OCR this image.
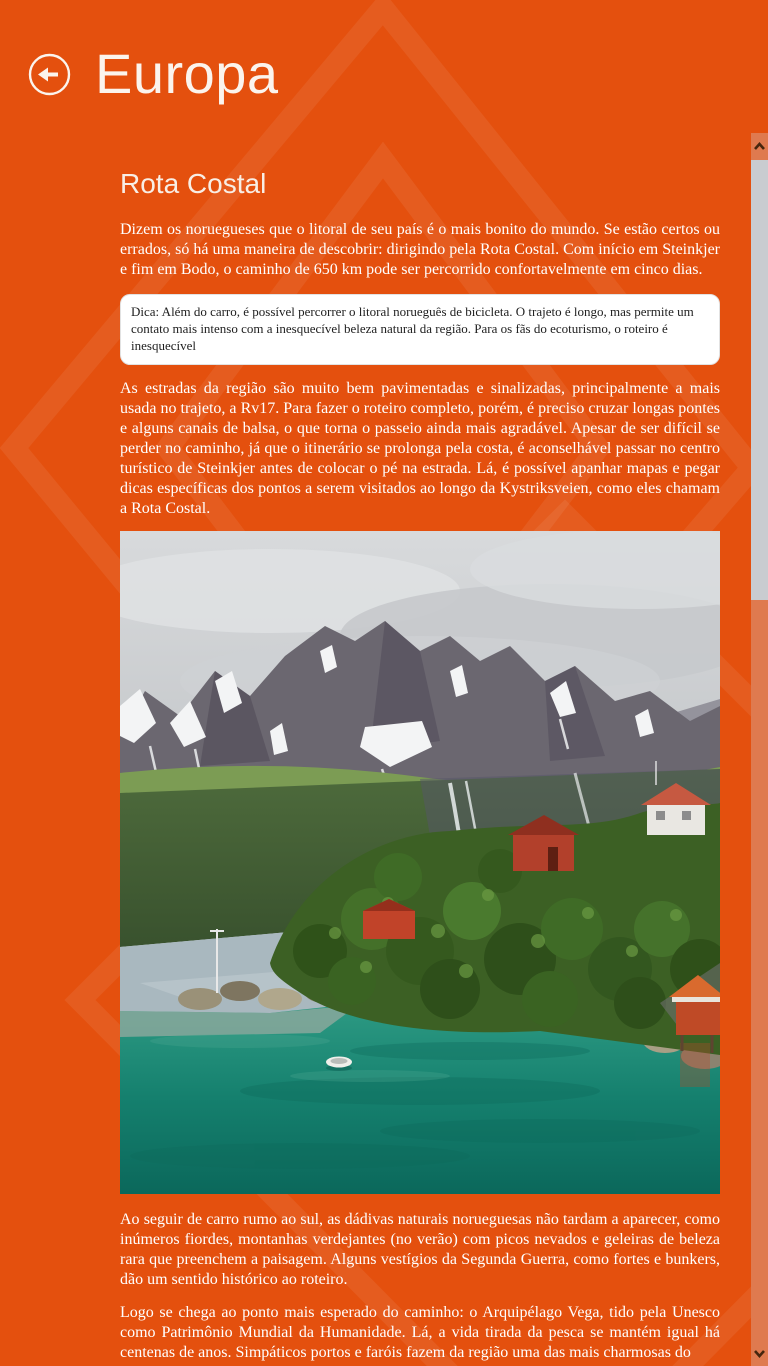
Europa
Rota Costal

Dizem os noruegueses que o litoral de seu país é o mais bonito do mundo. Se estão certos ou errados, só há uma maneira de descobrir: dirigindo pela Rota Costal. Com início em Steinkjer e fim em Bodo, o caminho de 650 km pode ser percorrido confortavelmente em cinco dias.

Dica: Além do carro, é possível percorrer o litoral norueguês de bicicleta. O trajeto é longo, mas permite um contato mais intenso com a inesquecível beleza natural da região. Para os fãs do ecoturismo, o roteiro é inesquecível

As estradas da região são muito bem pavimentadas e sinalizadas, principalmente a mais usada no trajeto, a Rv17. Para fazer o roteiro completo, porém, é preciso cruzar longas pontes e alguns canais de balsa, o que torna o passeio ainda mais agradável. Apesar de ser difícil se perder no caminho, já que o itinerário se prolonga pela costa, é aconselhável passar no centro turístico de Steinkjer antes de colocar o pé na estrada. Lá, é possível apanhar mapas e pegar dicas específicas dos pontos a serem visitados ao longo da Kystriksveien, como eles chamam a Rota Costal.

Ao seguir de carro rumo ao sul, as dádivas naturais norueguesas não tardam a aparecer, como inúmeros fiordes, montanhas verdejantes (no verão) com picos nevados e geleiras de beleza rara que preenchem a paisagem. Alguns vestígios da Segunda Guerra, como fortes e bunkers, dão um sentido histórico ao roteiro.

Logo se chega ao ponto mais esperado do caminho: o Arquipélago Vega, tido pela Unesco como Patrimônio Mundial da Humanidade. Lá, a vida tirada da pesca se mantém igual há centenas de anos. Simpáticos portos e faróis fazem da região uma das mais charmosas do
